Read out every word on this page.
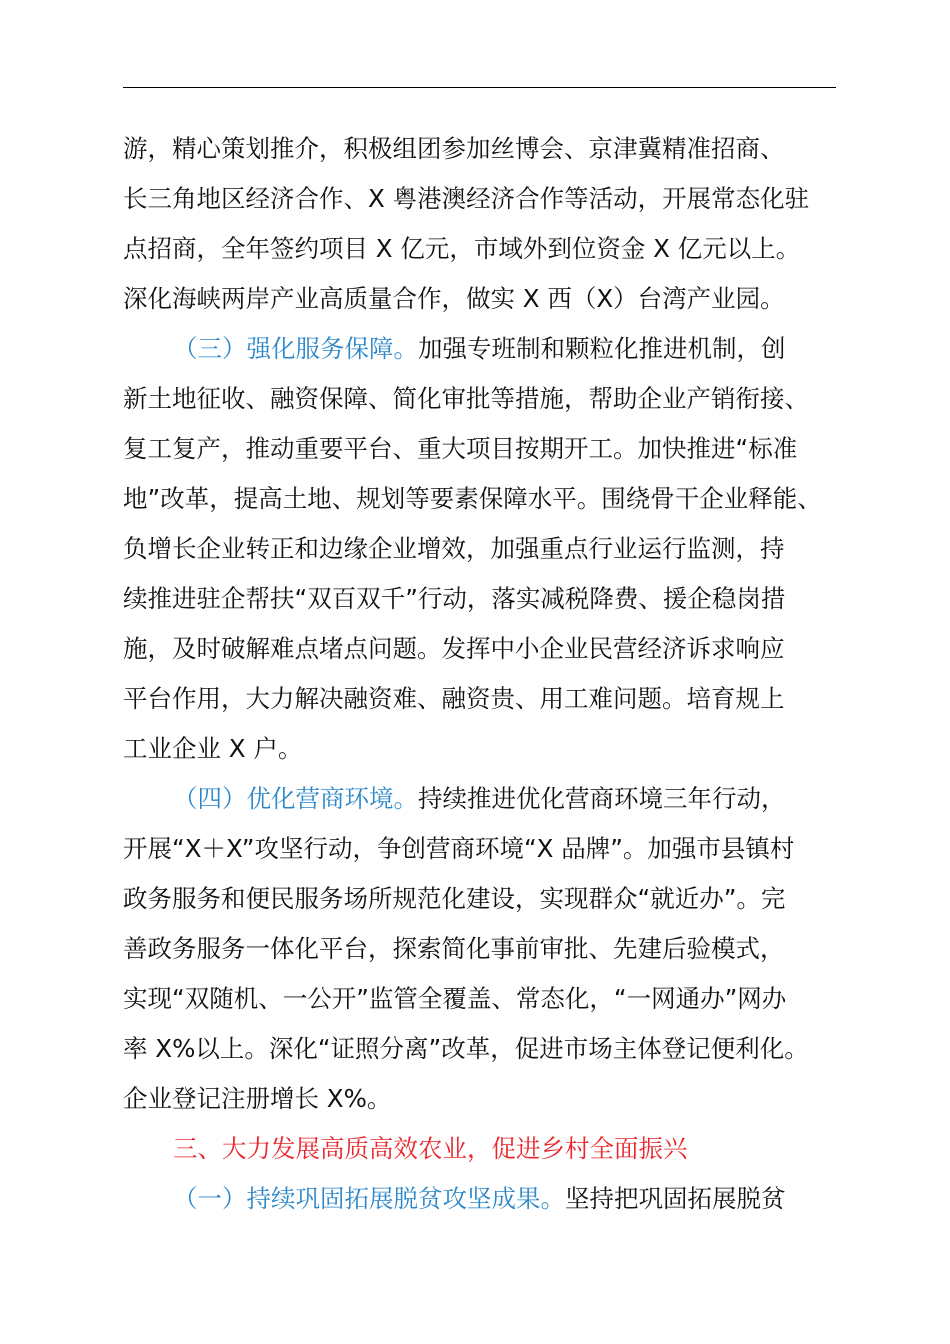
游，精心策划推介，积极组团参加丝博会、京津冀精准招商、
长三角地区经济合作、X 粤港澳经济合作等活动，开展常态化驻
点招商，全年签约项目 X 亿元，市域外到位资金 X 亿元以上。
深化海峡两岸产业高质量合作，做实 X 西（X）台湾产业园。
（三）强化服务保障。加强专班制和颗粒化推进机制，创
新土地征收、融资保障、简化审批等措施，帮助企业产销衔接、
复工复产，推动重要平台、重大项目按期开工。加快推进“标准
地”改革，提高土地、规划等要素保障水平。围绕骨干企业释能、
负增长企业转正和边缘企业增效，加强重点行业运行监测，持
续推进驻企帮扶“双百双千”行动，落实减税降费、援企稳岗措
施，及时破解难点堵点问题。发挥中小企业民营经济诉求响应
平台作用，大力解决融资难、融资贵、用工难问题。培育规上
工业企业 X 户。
（四）优化营商环境。持续推进优化营商环境三年行动，
开展“X＋X”攻坚行动，争创营商环境“X 品牌”。加强市县镇村
政务服务和便民服务场所规范化建设，实现群众“就近办”。完
善政务服务一体化平台，探索简化事前审批、先建后验模式，
实现“双随机、一公开”监管全覆盖、常态化，“一网通办”网办
率 X%以上。深化“证照分离”改革，促进市场主体登记便利化。
企业登记注册增长 X%。
三、大力发展高质高效农业，促进乡村全面振兴
（一）持续巩固拓展脱贫攻坚成果。坚持把巩固拓展脱贫
